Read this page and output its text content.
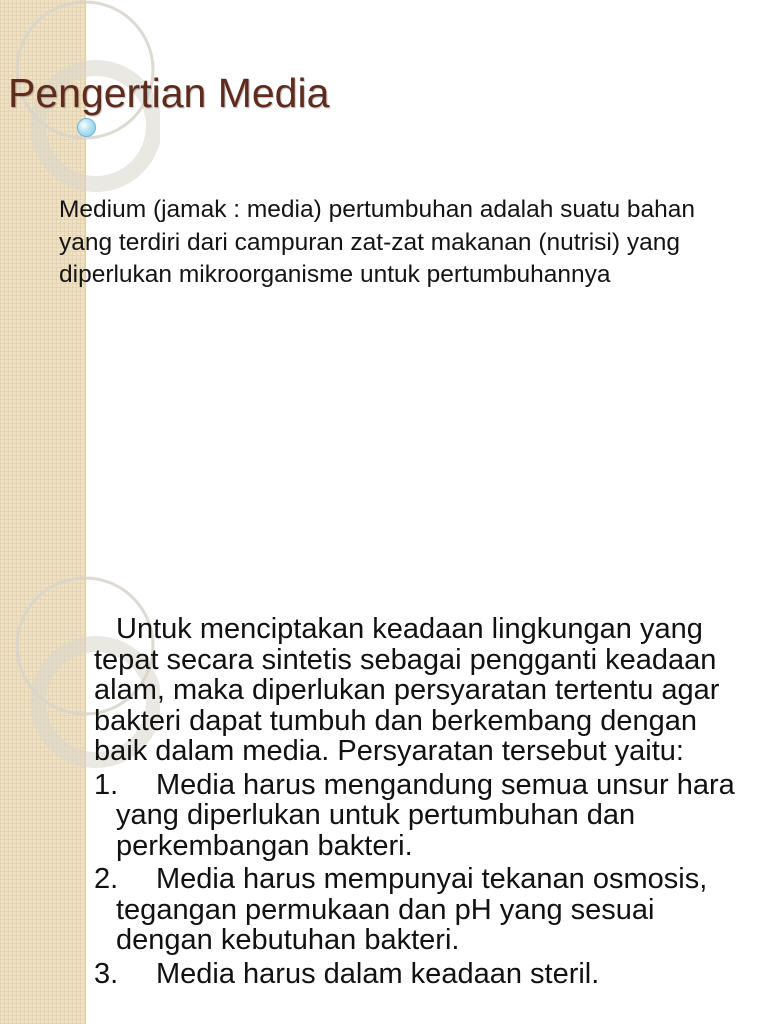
Pengertian Media

Medium (jamak : media) pertumbuhan adalah suatu bahan yang terdiri dari campuran zat-zat makanan (nutrisi) yang diperlukan mikroorganisme untuk pertumbuhannya

Untuk menciptakan keadaan lingkungan yang tepat secara sintetis sebagai pengganti keadaan alam, maka diperlukan persyaratan tertentu agar bakteri dapat tumbuh dan berkembang dengan baik dalam media. Persyaratan tersebut yaitu:

1. Media harus mengandung semua unsur hara yang diperlukan untuk pertumbuhan dan perkembangan bakteri.
2. Media harus mempunyai tekanan osmosis, tegangan permukaan dan pH yang sesuai dengan kebutuhan bakteri.
3. Media harus dalam keadaan steril.
